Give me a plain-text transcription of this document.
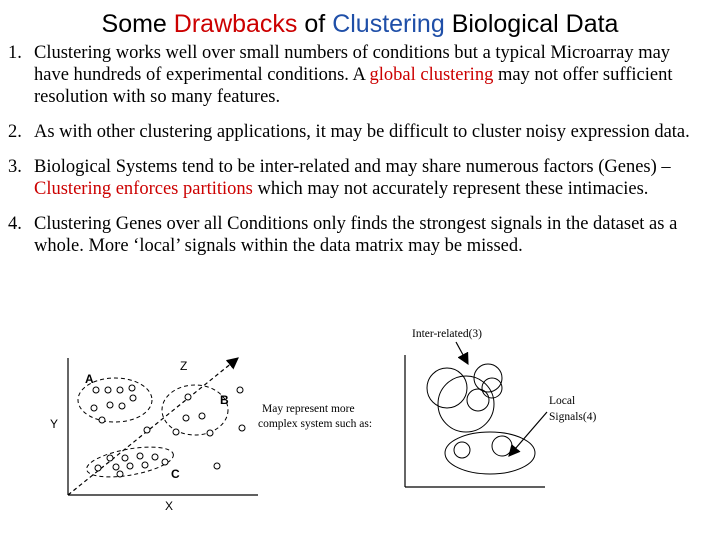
Some Drawbacks of Clustering Biological Data
1. Clustering works well over small numbers of conditions but a typical Microarray may have hundreds of experimental conditions. A global clustering may not offer sufficient resolution with so many features.
2. As with other clustering applications, it may be difficult to cluster noisy expression data.
3. Biological Systems tend to be inter-related and may share numerous factors (Genes) – Clustering enforces partitions which may not accurately represent these intimacies.
4. Clustering Genes over all Conditions only finds the strongest signals in the dataset as a whole. More ‘local’ signals within the data matrix may be missed.
Z
Y
X
A
B
C
May represent more
complex system such as:
Inter-related(3)
Local
Signals(4)
